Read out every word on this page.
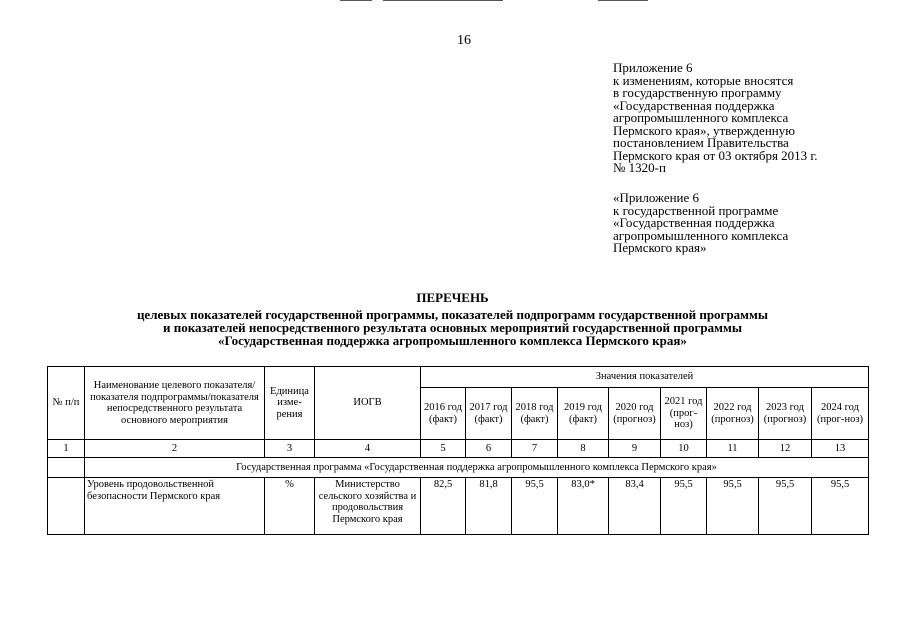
16
Приложение 6
к изменениям, которые вносятся
в государственную программу
«Государственная поддержка
агропромышленного комплекса
Пермского края», утвержденную
постановлением Правительства
Пермского края от 03 октября 2013 г.
№ 1320-п
«Приложение 6
к государственной программе
«Государственная поддержка
агропромышленного комплекса
Пермского края»
ПЕРЕЧЕНЬ
целевых показателей государственной программы, показателей подпрограмм государственной программы
и показателей непосредственного результата основных мероприятий государственной программы
«Государственная поддержка агропромышленного комплекса Пермского края»
№ п/п	Наименование целевого показателя/показателя подпрограммы/показателя непосредственного результата основного мероприятия	Единица изме-рения	ИОГВ	Значения показателей								
				2016 год (факт)	2017 год (факт)	2018 год (факт)	2019 год (факт)	2020 год (прогноз)	2021 год (прог-ноз)	2022 год (прогноз)	2023 год (прогноз)	2024 год (прог-ноз)
1	2	3	4	5	6	7	8	9	10	11	12	13
	Государственная программа «Государственная поддержка агропромышленного комплекса Пермского края»											
	Уровень продовольственной безопасности Пермского края	%	Министерство сельского хозяйства и продовольствия Пермского края	82,5	81,8	95,5	83,0*	83,4	95,5	95,5	95,5	95,5
